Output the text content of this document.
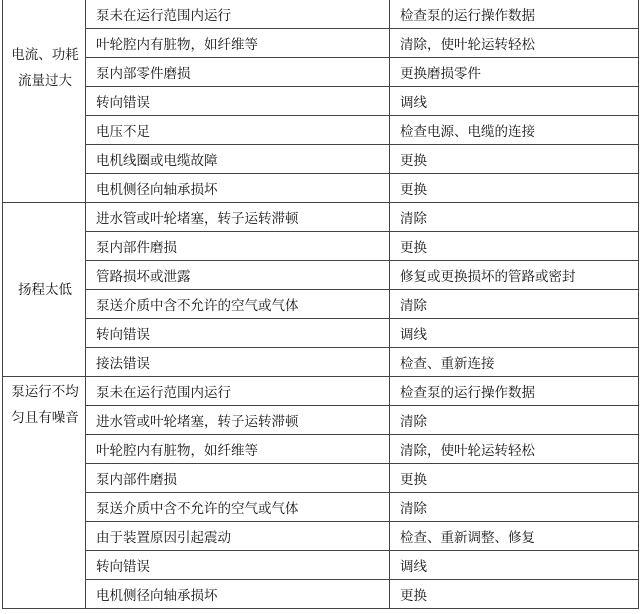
电流、功耗流量过大	泵未在运行范围内运行	检查泵的运行操作数据
	叶轮腔内有脏物，如纤维等	清除，使叶轮运转轻松
	泵内部零件磨损	更换磨损零件
	转向错误	调线
	电压不足	检查电源、电缆的连接
	电机线圈或电缆故障	更换
	电机侧径向轴承损坏	更换

扬程太低	进水管或叶轮堵塞，转子运转滞顿	清除
	泵内部件磨损	更换
	管路损坏或泄露	修复或更换损坏的管路或密封
	泵送介质中含不允许的空气或气体	清除
	转向错误	调线
	接法错误	检查、重新连接

泵运行不均匀且有噪音	泵未在运行范围内运行	检查泵的运行操作数据
	进水管或叶轮堵塞，转子运转滞顿	清除
	叶轮腔内有脏物，如纤维等	清除，使叶轮运转轻松
	泵内部件磨损	更换
	泵送介质中含不允许的空气或气体	清除
	由于装置原因引起震动	检查、重新调整、修复
	转向错误	调线
	电机侧径向轴承损坏	更换
